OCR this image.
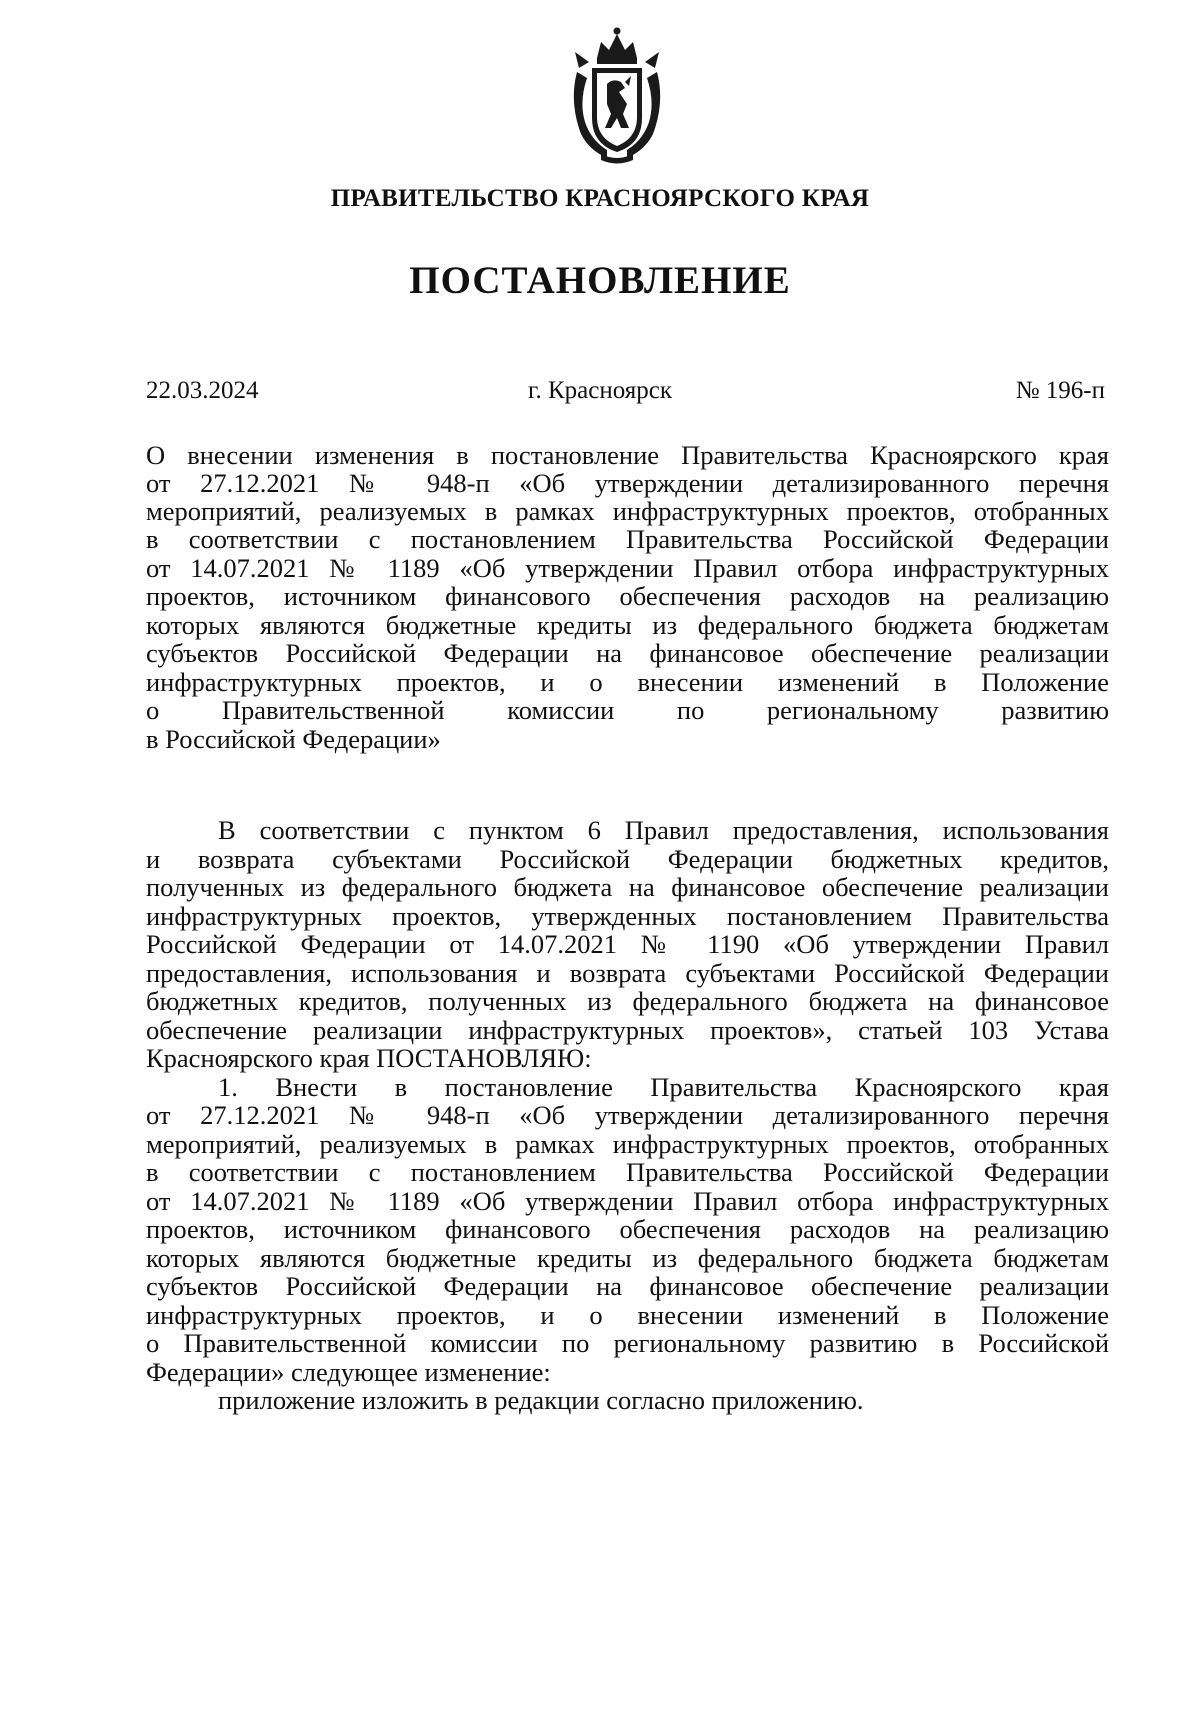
ПРАВИТЕЛЬСТВО КРАСНОЯРСКОГО КРАЯ
ПОСТАНОВЛЕНИЕ
22.03.2024	г. Красноярск	№ 196-п
О внесении изменения в постановление Правительства Красноярского края
от 27.12.2021 № 948-п «Об утверждении детализированного перечня
мероприятий, реализуемых в рамках инфраструктурных проектов, отобранных
в соответствии с постановлением Правительства Российской Федерации
от 14.07.2021 № 1189 «Об утверждении Правил отбора инфраструктурных
проектов, источником финансового обеспечения расходов на реализацию
которых являются бюджетные кредиты из федерального бюджета бюджетам
субъектов Российской Федерации на финансовое обеспечение реализации
инфраструктурных проектов, и о внесении изменений в Положение
о Правительственной комиссии по региональному развитию
в Российской Федерации»
В соответствии с пунктом 6 Правил предоставления, использования
и возврата субъектами Российской Федерации бюджетных кредитов,
полученных из федерального бюджета на финансовое обеспечение реализации
инфраструктурных проектов, утвержденных постановлением Правительства
Российской Федерации от 14.07.2021 № 1190 «Об утверждении Правил
предоставления, использования и возврата субъектами Российской Федерации
бюджетных кредитов, полученных из федерального бюджета на финансовое
обеспечение реализации инфраструктурных проектов», статьей 103 Устава
Красноярского края ПОСТАНОВЛЯЮ:
1. Внести в постановление Правительства Красноярского края
от 27.12.2021 № 948-п «Об утверждении детализированного перечня
мероприятий, реализуемых в рамках инфраструктурных проектов, отобранных
в соответствии с постановлением Правительства Российской Федерации
от 14.07.2021 № 1189 «Об утверждении Правил отбора инфраструктурных
проектов, источником финансового обеспечения расходов на реализацию
которых являются бюджетные кредиты из федерального бюджета бюджетам
субъектов Российской Федерации на финансовое обеспечение реализации
инфраструктурных проектов, и о внесении изменений в Положение
о Правительственной комиссии по региональному развитию в Российской
Федерации» следующее изменение:
приложение изложить в редакции согласно приложению.
